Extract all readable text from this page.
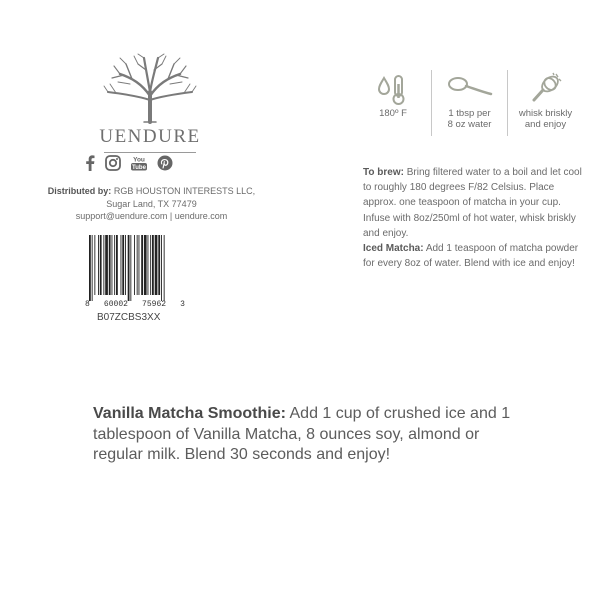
UENDURE
You
Tube
Distributed by: RGB HOUSTON INTERESTS LLC,
Sugar Land, TX 77479
support@uendure.com | uendure.com
8 60002 75962 3
B07ZCBS3XX
180º F	1 tbsp per
8 oz water
whisk briskly
and enjoy
To brew: Bring filtered water to a boil and let cool to roughly 180 degrees F/82 Celsius. Place approx. one teaspoon of matcha in your cup. Infuse with 8oz/250ml of hot water, whisk briskly and enjoy.
Iced Matcha: Add 1 teaspoon of matcha powder for every 8oz of water. Blend with ice and enjoy!
Vanilla Matcha Smoothie: Add 1 cup of crushed ice and 1 tablespoon of Vanilla Matcha, 8 ounces soy, almond or regular milk. Blend 30 seconds and enjoy!
